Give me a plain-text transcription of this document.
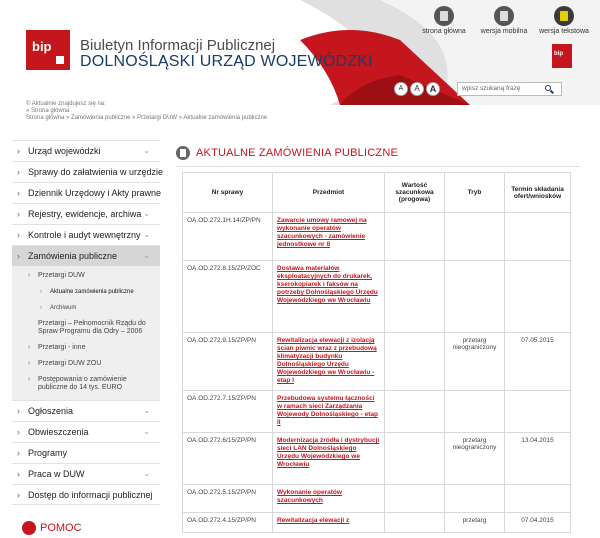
bip Biuletyn Informacji Publicznej
DOLNOŚLĄSKI URZĄD WOJEWÓDZKI
strona główna	wersja mobilna	wersja tekstowa
bip
A	A	A	wpisz szukaną frazę
© Aktualnie znajdujesz się na:
» Strona główna
Strona główna » Zamówienia publiczne » Przetargi DUW » Aktualne zamówienia publiczne
› Urząd wojewódzki	⌄
› Sprawy do załatwienia w urzędzie
› Dziennik Urzędowy i Akty prawne
› Rejestry, ewidencje, archiwa ⌄
› Kontrole i audyt wewnętrzny ⌄
› Zamówienia publiczne	⌄
› Przetargi DUW
› Aktualne zamówienia publiczne
› Archiwum
Przetargi – Pełnomocnik Rządu do Spraw Programu dla Odry – 2006
› Przetargi - inne
› Przetargi DUW ZOU
› Postępowania o zamówienie publiczne do 14 tys. EURO
› Ogłoszenia	⌄
› Obwieszczenia	⌄
› Programy
› Praca w DUW	⌄
› Dostęp do informacji publicznej
POMOC
AKTUALNE ZAMÓWIENIA PUBLICZNE
Nr sprawy	Przedmiot	Wartość szacunkowa (progowa)	Tryb	Termin składania ofert/wniosków
OA.OD.272.1H.14/ZP/PN	Zawarcie umowy ramowej na wykonanie operatów szacunkowych - zamówienie jednostkowe nr 8			

OA.OD.272.8.15/ZP/ZOC	Dostawa materiałów eksploatacyjnych do drukarek, kserokopiarek i faksów na potrzeby Dolnośląskiego Urzędu Wojewódzkiego we Wrocławiu			

OA.OD.272.9.15/ZP/PN	Rewitalizacja elewacji z izolacją ścian piwnic wraz z przebudową klimatyzacji budynku Dolnośląskiego Urzędu Wojewódzkiego we Wrocławiu - etap I		przetarg nieograniczony	07.05.2015
OA.OD.272.7.15/ZP/PN	Przebudowa systemu łączności w ramach sieci Zarządzania Wojewody Dolnośląskiego - etap II			

OA.OD.272.6/15/ZP/PN	Modernizacja źródła i dystrybucji sieci LAN Dolnośląskiego Urzędu Wojewódzkiego we Wrocławiu		przetarg nieograniczony	13.04.2015
OA.OD.272.5.15/ZP/PN	Wykonanie operatów szacunkowych			

OA.OD.272.4.15/ZP/PN	Rewitalizacja elewacji z		przetarg	07.04.2015
